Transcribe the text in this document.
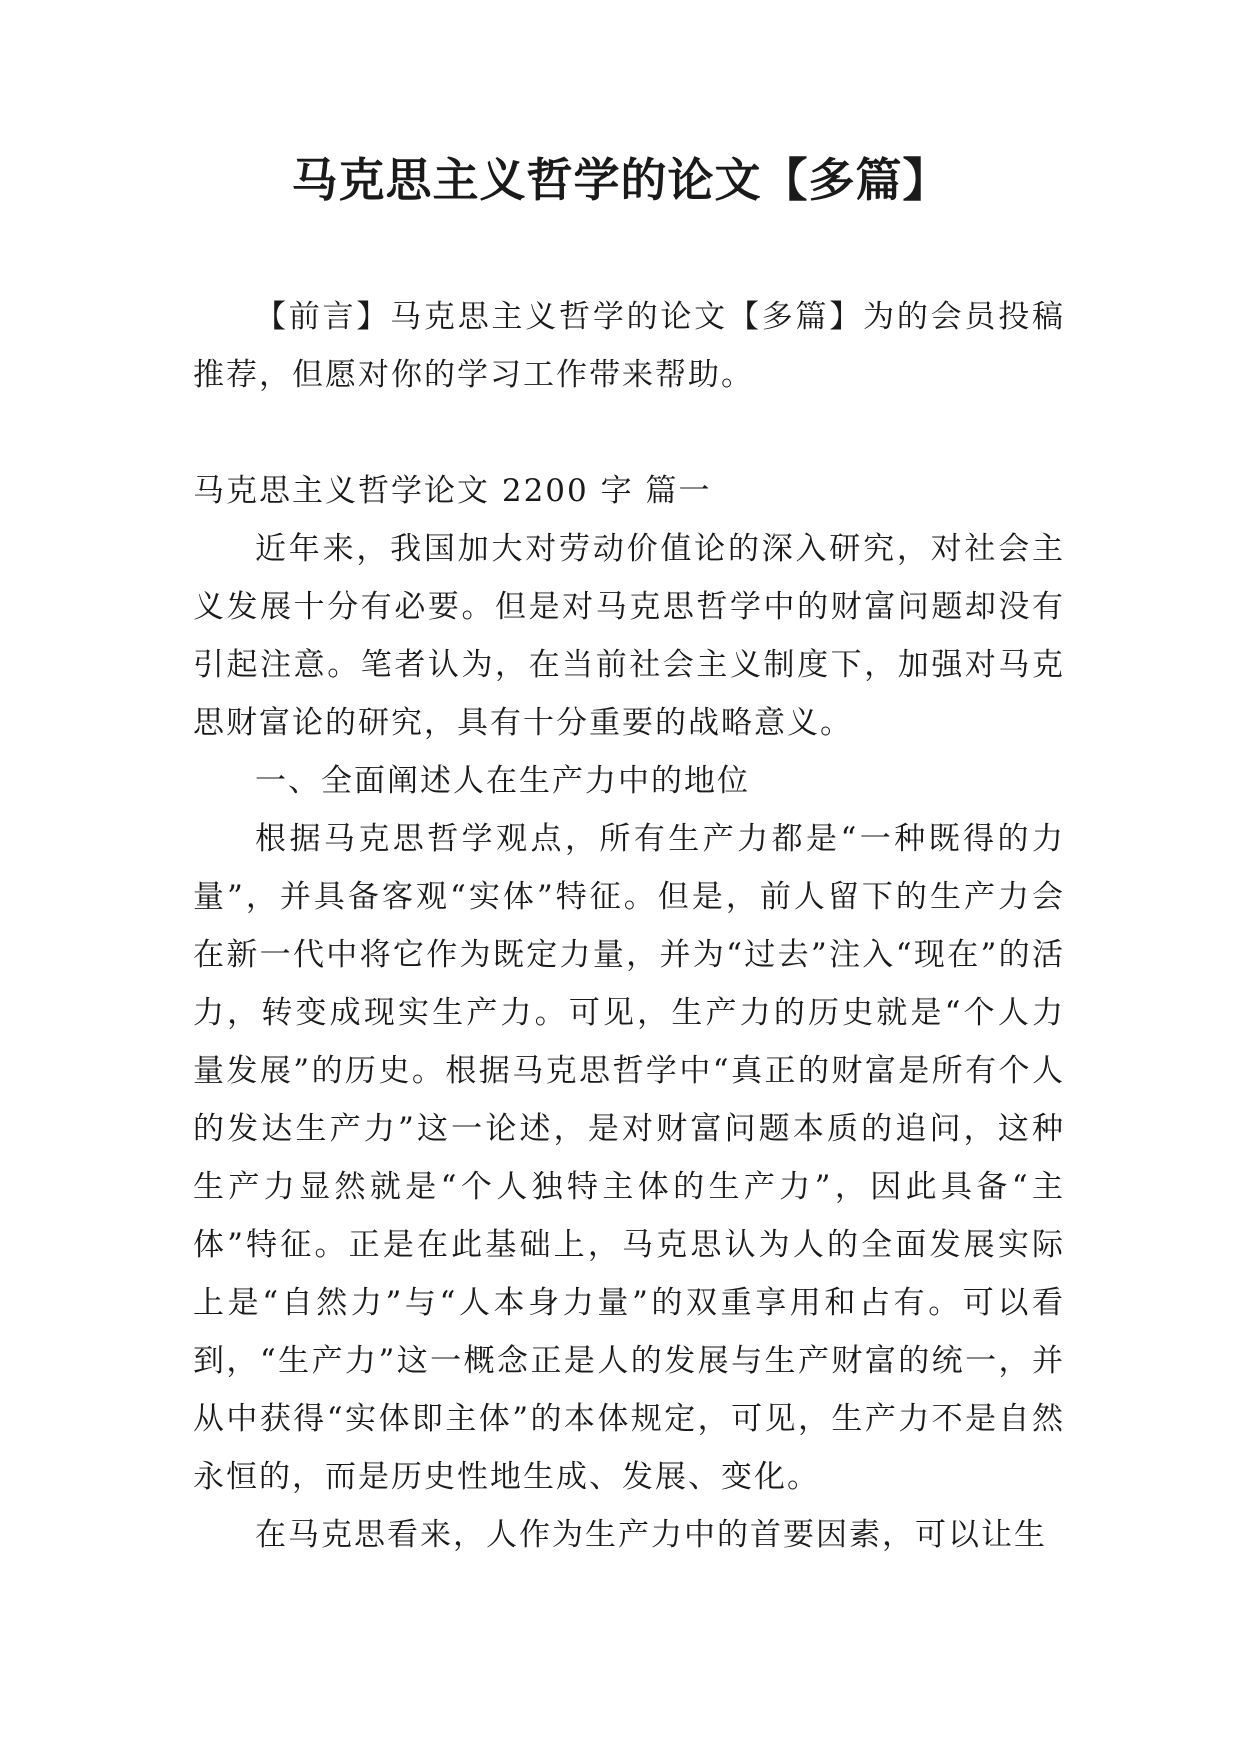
马克思主义哲学的论文【多篇】

【前言】马克思主义哲学的论文【多篇】为的会员投稿推荐，但愿对你的学习工作带来帮助。

马克思主义哲学论文 2200 字 篇一

近年来，我国加大对劳动价值论的深入研究，对社会主义发展十分有必要。但是对马克思哲学中的财富问题却没有引起注意。笔者认为，在当前社会主义制度下，加强对马克思财富论的研究，具有十分重要的战略意义。

一、全面阐述人在生产力中的地位

根据马克思哲学观点，所有生产力都是“一种既得的力量”，并具备客观“实体”特征。但是，前人留下的生产力会在新一代中将它作为既定力量，并为“过去”注入“现在”的活力，转变成现实生产力。可见，生产力的历史就是“个人力量发展”的历史。根据马克思哲学中“真正的财富是所有个人的发达生产力”这一论述，是对财富问题本质的追问，这种生产力显然就是“个人独特主体的生产力”，因此具备“主体”特征。正是在此基础上，马克思认为人的全面发展实际上是“自然力”与“人本身力量”的双重享用和占有。可以看到，“生产力”这一概念正是人的发展与生产财富的统一，并从中获得“实体即主体”的本体规定，可见，生产力不是自然永恒的，而是历史性地生成、发展、变化。

在马克思看来，人作为生产力中的首要因素，可以让生
